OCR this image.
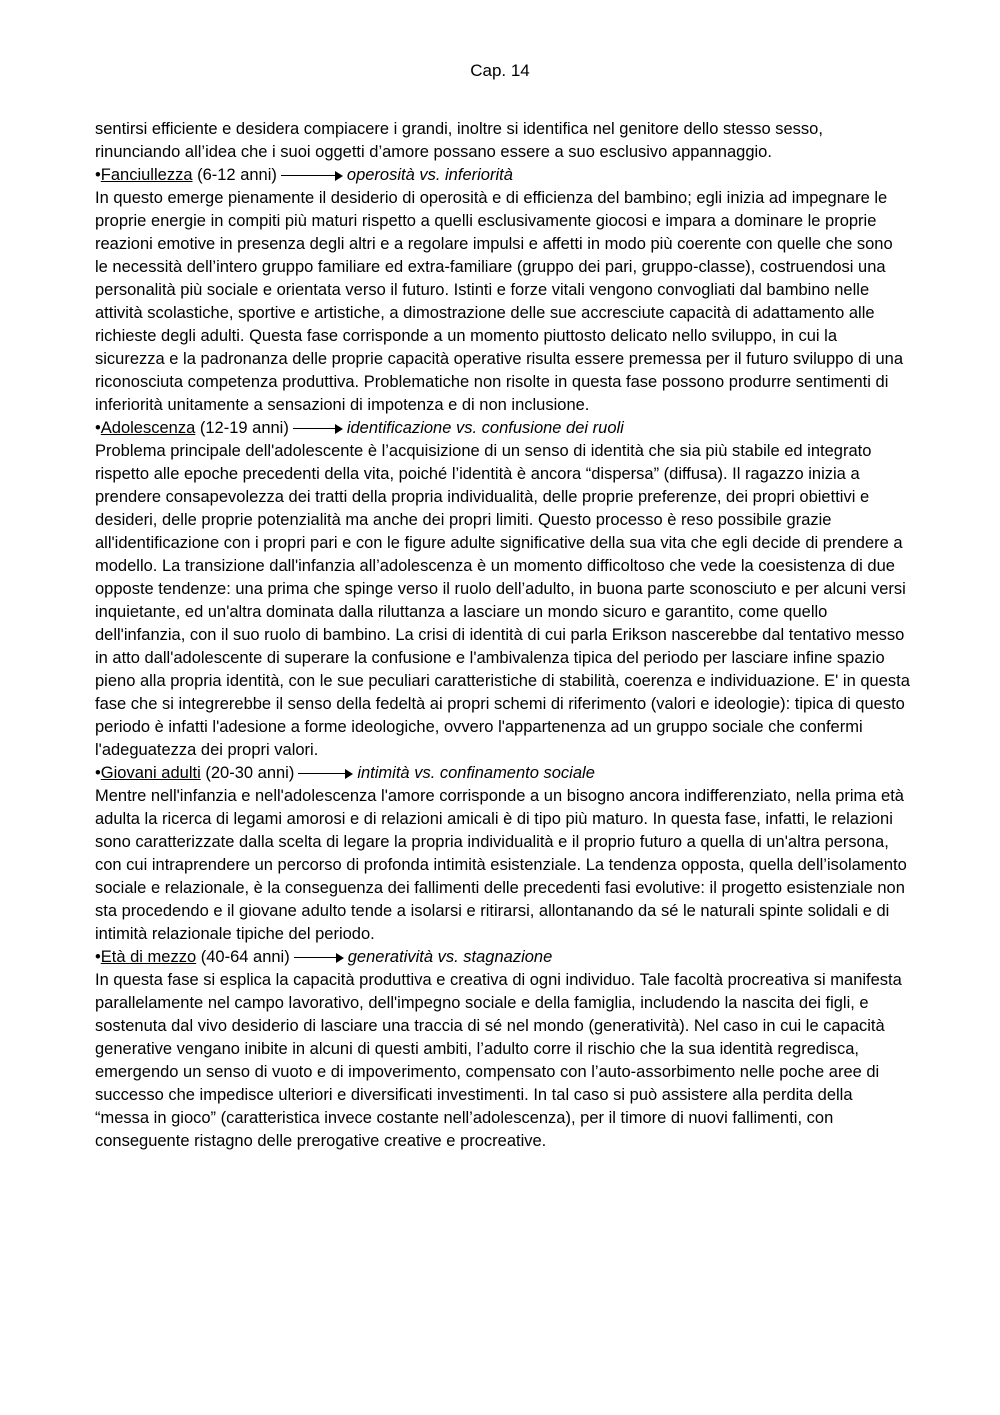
Cap. 14

sentirsi efficiente e desidera compiacere i grandi, inoltre si identifica nel genitore dello stesso sesso, rinunciando all’idea che i suoi oggetti d’amore possano essere a suo esclusivo appannaggio.

•Fanciullezza (6-12 anni)	operosità vs. inferiorità

In questo emerge pienamente il desiderio di operosità e di efficienza del bambino; egli inizia ad impegnare le proprie energie in compiti più maturi rispetto a quelli esclusivamente giocosi e impara a dominare le proprie reazioni emotive in presenza degli altri e a regolare impulsi e affetti in modo più coerente con quelle che sono le necessità dell’intero gruppo familiare ed extra-familiare (gruppo dei pari, gruppo-classe), costruendosi una personalità più sociale e orientata verso il futuro. Istinti e forze vitali vengono convogliati dal bambino nelle attività scolastiche, sportive e artistiche, a dimostrazione delle sue accresciute capacità di adattamento alle richieste degli adulti. Questa fase corrisponde a un momento piuttosto delicato nello sviluppo, in cui la sicurezza e la padronanza delle proprie capacità operative risulta essere premessa per il futuro sviluppo di una riconosciuta competenza produttiva. Problematiche non risolte in questa fase possono produrre sentimenti di inferiorità unitamente a sensazioni di impotenza e di non inclusione.

•Adolescenza (12-19 anni)	identificazione vs. confusione dei ruoli

Problema principale dell'adolescente è l’acquisizione di un senso di identità che sia più stabile ed integrato rispetto alle epoche precedenti della vita, poiché l’identità è ancora “dispersa” (diffusa). Il ragazzo inizia a prendere consapevolezza dei tratti della propria individualità, delle proprie preferenze, dei propri obiettivi e desideri, delle proprie potenzialità ma anche dei propri limiti. Questo processo è reso possibile grazie all'identificazione con i propri pari e con le figure adulte significative della sua vita che egli decide di prendere a modello. La transizione dall'infanzia all’adolescenza è un momento difficoltoso che vede la coesistenza di due opposte tendenze: una prima che spinge verso il ruolo dell’adulto, in buona parte sconosciuto e per alcuni versi inquietante, ed un'altra dominata dalla riluttanza a lasciare un mondo sicuro e garantito, come quello dell'infanzia, con il suo ruolo di bambino. La crisi di identità di cui parla Erikson nascerebbe dal tentativo messo in atto dall'adolescente di superare la confusione e l'ambivalenza tipica del periodo per lasciare infine spazio pieno alla propria identità, con le sue peculiari caratteristiche di stabilità, coerenza e individuazione. E' in questa fase che si integrerebbe il senso della fedeltà ai propri schemi di riferimento (valori e ideologie): tipica di questo periodo è infatti l'adesione a forme ideologiche, ovvero l'appartenenza ad un gruppo sociale che confermi l'adeguatezza dei propri valori.

•Giovani adulti (20-30 anni)	intimità vs. confinamento sociale

Mentre nell'infanzia e nell'adolescenza l'amore corrisponde a un bisogno ancora indifferenziato, nella prima età adulta la ricerca di legami amorosi e di relazioni amicali è di tipo più maturo. In questa fase, infatti, le relazioni sono caratterizzate dalla scelta di legare la propria individualità e il proprio futuro a quella di un'altra persona, con cui intraprendere un percorso di profonda intimità esistenziale. La tendenza opposta, quella dell’isolamento sociale e relazionale, è la conseguenza dei fallimenti delle precedenti fasi evolutive: il progetto esistenziale non sta procedendo e il giovane adulto tende a isolarsi e ritirarsi, allontanando da sé le naturali spinte solidali e di intimità relazionale tipiche del periodo.

•Età di mezzo (40-64 anni)	generatività vs. stagnazione

In questa fase si esplica la capacità produttiva e creativa di ogni individuo. Tale facoltà procreativa si manifesta parallelamente nel campo lavorativo, dell'impegno sociale e della famiglia, includendo la nascita dei figli, e sostenuta dal vivo desiderio di lasciare una traccia di sé nel mondo (generatività). Nel caso in cui le capacità generative vengano inibite in alcuni di questi ambiti, l’adulto corre il rischio che la sua identità regredisca, emergendo un senso di vuoto e di impoverimento, compensato con l’auto-assorbimento nelle poche aree di successo che impedisce ulteriori e diversificati investimenti. In tal caso si può assistere alla perdita della “messa in gioco” (caratteristica invece costante nell’adolescenza), per il timore di nuovi fallimenti, con conseguente ristagno delle prerogative creative e procreative.
